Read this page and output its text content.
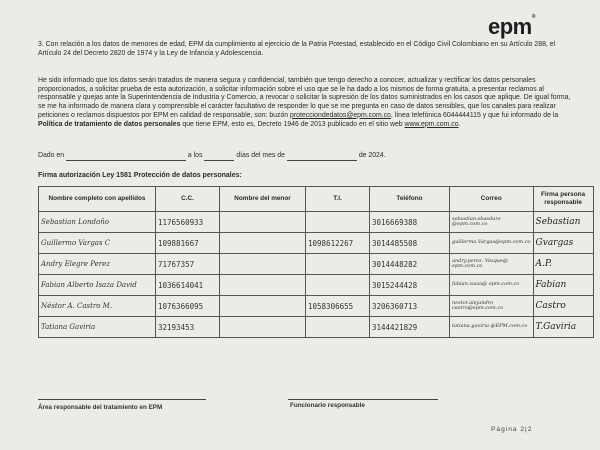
epm®
3. Con relación a los datos de menores de edad, EPM da cumplimiento al ejercicio de la Patria Potestad, establecido en el Código Civil Colombiano en su Artículo 288, el Artículo 24 del Decreto 2820 de 1974 y la Ley de Infancia y Adolescencia.
He sido informado que los datos serán tratados de manera segura y confidencial, también que tengo derecho a conocer, actualizar y rectificar los datos personales proporcionados, a solicitar prueba de esta autorización, a solicitar información sobre el uso que se le ha dado a los mismos de forma gratuita, a presentar reclamos al responsable y quejas ante la Superintendencia de Industria y Comercio, a revocar o solicitar la supresión de los datos suministrados en los casos que aplique. De igual forma, se me ha informado de manera clara y comprensible el carácter facultativo de responder lo que se me pregunta en caso de datos sensibles, que los canales para realizar peticiones o reclamos dispuestos por EPM en calidad de responsable, son: buzón protecciondedatos@epm.com.co, línea telefónica 6044444115 y que fui informado de la Política de tratamiento de datos personales que tiene EPM, esto es, Decreto 1946 de 2013 publicado en el sitio web www.epm.com.co.
Dado en	a los	días del mes de	de 2024.
Firma autorización Ley 1581 Protección de datos personales:
Nombre completo con apellidos	C.C.	Nombre del menor	T.I.	Teléfono	Correo	Firma persona responsable
Sebastian Londoño	1176560933			3016669388	sebastian.sbasdure @epm.com.co	Sebastian
Guillermo Vargas C	109881667		1098612267	3014485508	guillermo.Vargas@epm.com.co	Gvargas
Andry Elegre Perez	71767357			3014448282	andry.perez. Vasque@ epm.com.co	A.P.
Fabian Alberto Isaza David	1036614041			3015244428	fabian.isaza@ epm.com.co	Fabian
Néstor A. Castro M.	1076366095		1058306655	3206360713	nestor.alejandro castro@epm.com.co	Castro
Tatiana Gaviria	32193453			3144421829	tatiana.gaviria @EPM.com.co	T.Gaviria
Área responsable del tratamiento en EPM	Funcionario responsable
Página 2|2
